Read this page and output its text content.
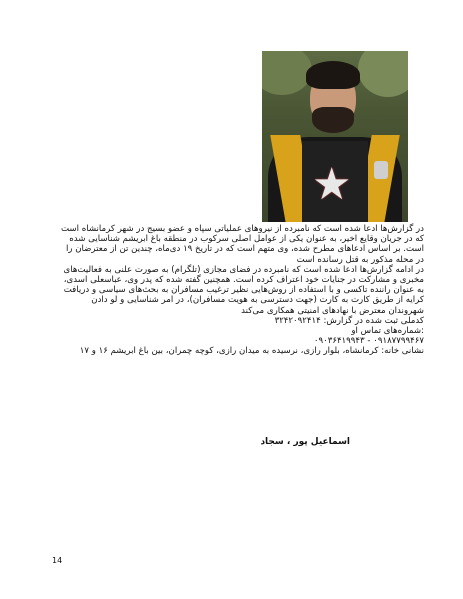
★

در گزارش‌ها ادعا شده است که نامبرده از نیروهای عملیاتی سپاه و عضو بسیج در شهر کرمانشاه است

که در جریان وقایع اخیر، به عنوان یکی از عوامل اصلی سرکوب در منطقه باغ ابریشم شناسایی شده

است. بر اساس ادعاهای مطرح شده، وی متهم است که در تاریخ ۱۹ دی‌ماه، چندین تن از معترضان را

در محله مذکور به قتل رسانده است

در ادامه گزارش‌ها ادعا شده است که نامبرده در فضای مجازی (تلگرام) به صورت علنی به فعالیت‌های

مخبری و مشارکت در جنایات خود اعتراف کرده است. همچنین گفته شده که پدر وی، عباسعلی اسدی،

به عنوان راننده تاکسی و با استفاده از روش‌هایی نظیر ترغیب مسافران به بحث‌های سیاسی و دریافت

کرایه از طریق کارت به کارت (جهت دسترسی به هویت مسافران)، در امر شناسایی و لو دادن

شهروندان معترض با نهادهای امنیتی همکاری می‌کند

کدملی ثبت شده در گزارش: ۳۲۴۲۰۹۲۴۱۴

:شماره‌های تماس او

۰۹۱۸۷۷۹۹۴۶۷ - ۰۹۰۳۶۴۱۹۹۴۳

نشانی خانه: کرمانشاه، بلوار رازی، نرسیده به میدان رازی، کوچه چمران، بین باغ ابریشم ۱۶ و ۱۷

اسماعیل پور ، سجاد
14
